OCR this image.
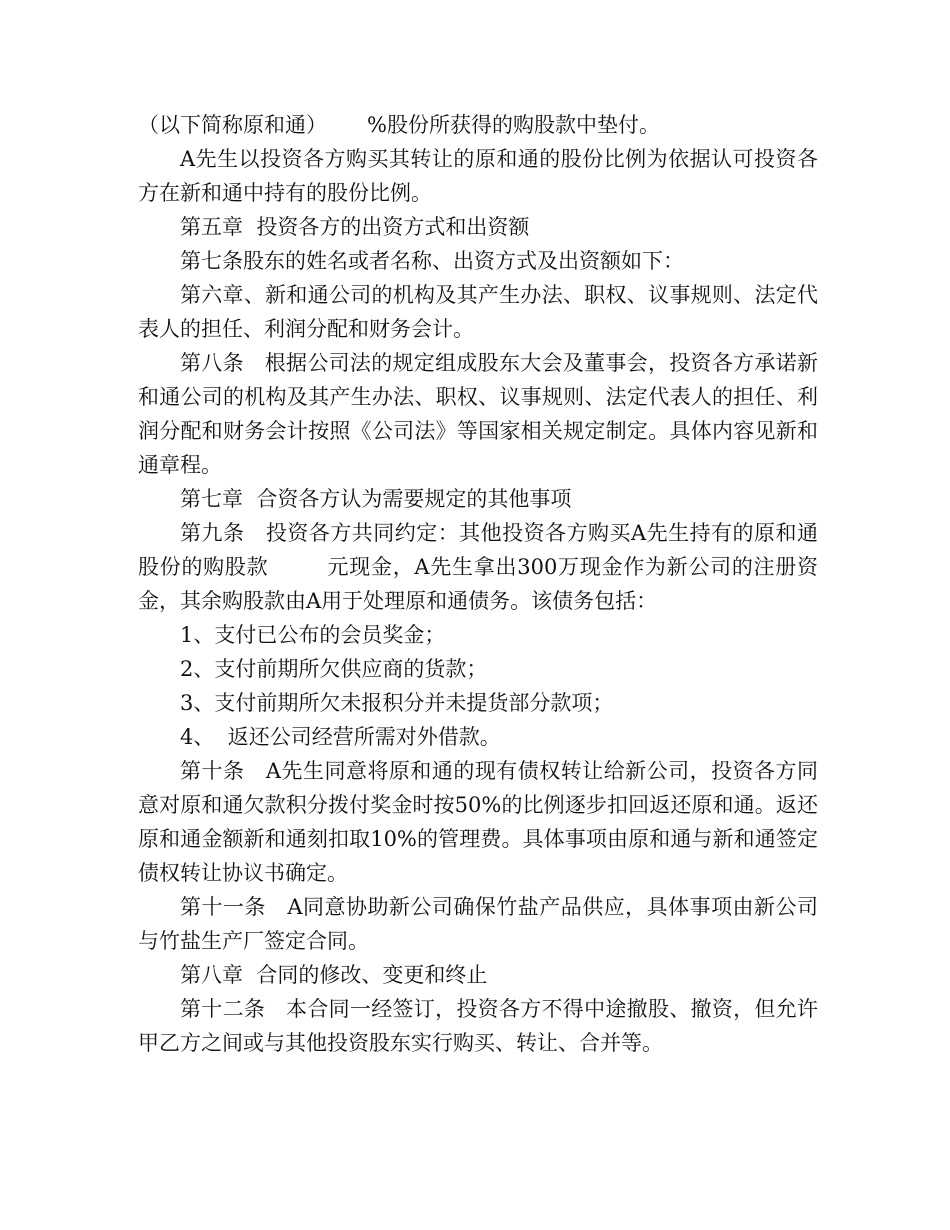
（以下简称原和通）      %股份所获得的购股款中垫付。

A先生以投资各方购买其转让的原和通的股份比例为依据认可投资各方在新和通中持有的股份比例。

第五章  投资各方的出资方式和出资额

第七条股东的姓名或者名称、出资方式及出资额如下：

第六章、新和通公司的机构及其产生办法、职权、议事规则、法定代表人的担任、利润分配和财务会计。

第八条   根据公司法的规定组成股东大会及董事会，投资各方承诺新和通公司的机构及其产生办法、职权、议事规则、法定代表人的担任、利润分配和财务会计按照《公司法》等国家相关规定制定。具体内容见新和通章程。

第七章  合资各方认为需要规定的其他事项

第九条   投资各方共同约定：其他投资各方购买A先生持有的原和通股份的购股款        元现金，A先生拿出300万现金作为新公司的注册资金，其余购股款由A用于处理原和通债务。该债务包括：

1、支付已公布的会员奖金；

2、支付前期所欠供应商的货款；

3、支付前期所欠未报积分并未提货部分款项；

4、  返还公司经营所需对外借款。

第十条   A先生同意将原和通的现有债权转让给新公司，投资各方同意对原和通欠款积分拨付奖金时按50%的比例逐步扣回返还原和通。返还原和通金额新和通刻扣取10%的管理费。具体事项由原和通与新和通签定债权转让协议书确定。

第十一条   A同意协助新公司确保竹盐产品供应，具体事项由新公司与竹盐生产厂签定合同。

第八章  合同的修改、变更和终止

第十二条   本合同一经签订，投资各方不得中途撤股、撤资，但允许甲乙方之间或与其他投资股东实行购买、转让、合并等。
